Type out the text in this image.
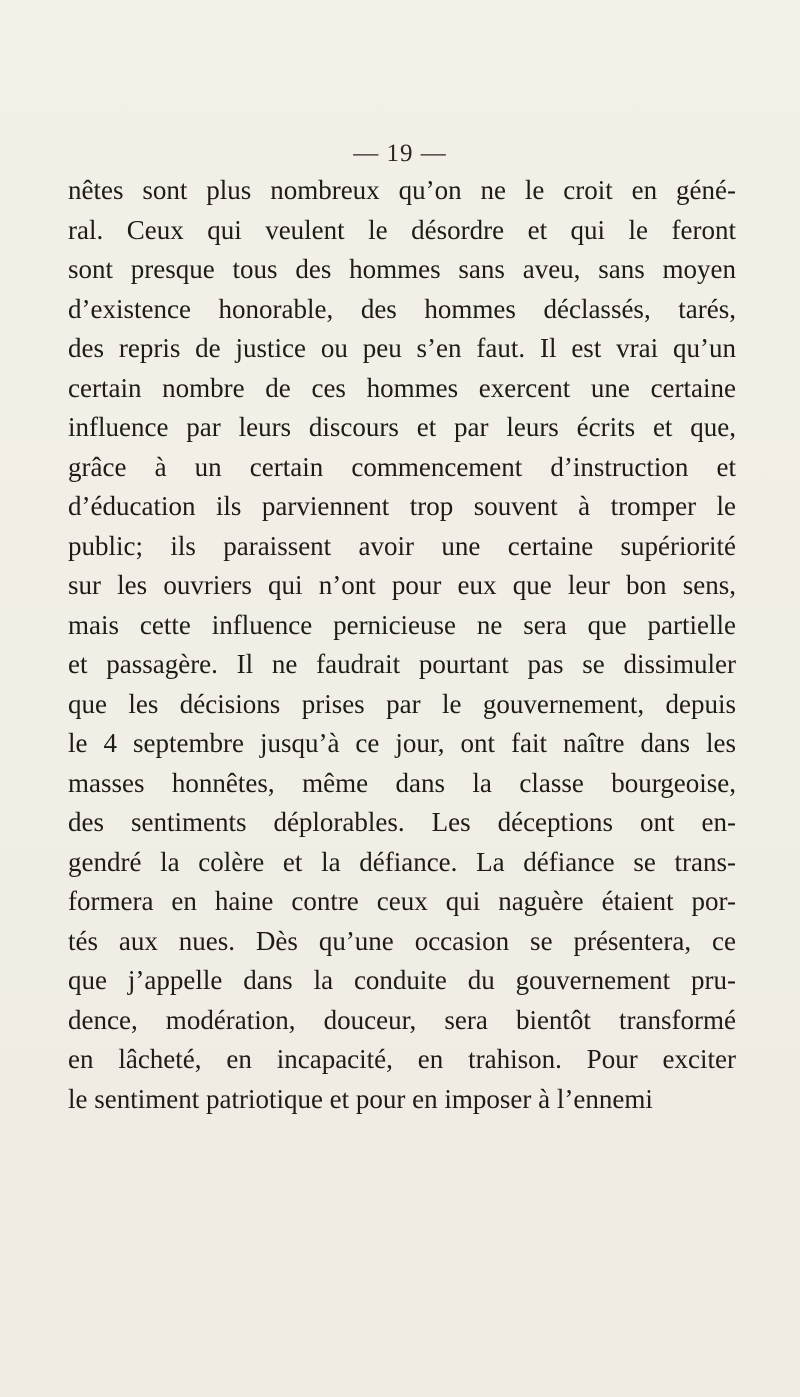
— 19 —
nêtes sont plus nombreux qu’on ne le croit en géné-
ral. Ceux qui veulent le désordre et qui le feront
sont presque tous des hommes sans aveu, sans moyen
d’existence honorable, des hommes déclassés, tarés,
des repris de justice ou peu s’en faut. Il est vrai qu’un
certain nombre de ces hommes exercent une certaine
influence par leurs discours et par leurs écrits et que,
grâce à un certain commencement d’instruction et
d’éducation ils parviennent trop souvent à tromper le
public; ils paraissent avoir une certaine supériorité
sur les ouvriers qui n’ont pour eux que leur bon sens,
mais cette influence pernicieuse ne sera que partielle
et passagère. Il ne faudrait pourtant pas se dissimuler
que les décisions prises par le gouvernement, depuis
le 4 septembre jusqu’à ce jour, ont fait naître dans les
masses honnêtes, même dans la classe bourgeoise,
des sentiments déplorables. Les déceptions ont en-
gendré la colère et la défiance. La défiance se trans-
formera en haine contre ceux qui naguère étaient por-
tés aux nues. Dès qu’une occasion se présentera, ce
que j’appelle dans la conduite du gouvernement pru-
dence, modération, douceur, sera bientôt transformé
en lâcheté, en incapacité, en trahison. Pour exciter
le sentiment patriotique et pour en imposer à l’ennemi
